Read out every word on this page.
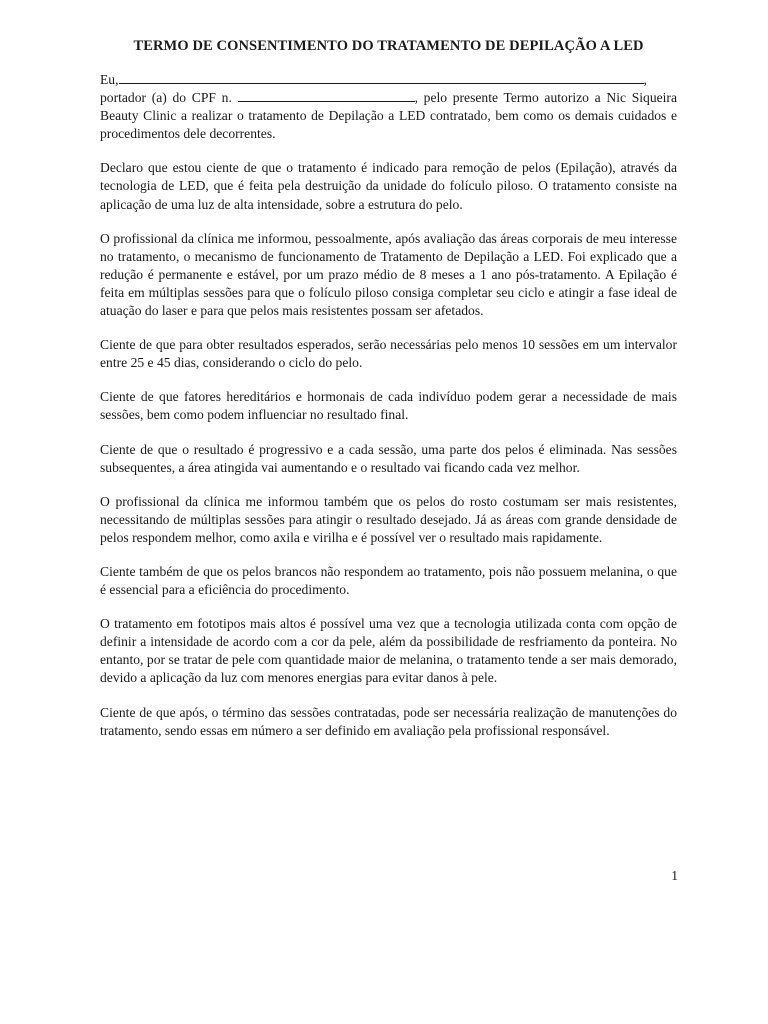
TERMO DE CONSENTIMENTO DO TRATAMENTO DE DEPILAÇÃO A LED

Eu,	, portador (a) do CPF n.	, pelo presente Termo autorizo a Nic Siqueira Beauty Clinic a realizar o tratamento de Depilação a LED contratado, bem como os demais cuidados e procedimentos dele decorrentes.

Declaro que estou ciente de que o tratamento é indicado para remoção de pelos (Epilação), através da tecnologia de LED, que é feita pela destruição da unidade do folículo piloso. O tratamento consiste na aplicação de uma luz de alta intensidade, sobre a estrutura do pelo.

O profissional da clínica me informou, pessoalmente, após avaliação das áreas corporais de meu interesse no tratamento, o mecanismo de funcionamento de Tratamento de Depilação a LED. Foi explicado que a redução é permanente e estável, por um prazo médio de 8 meses a 1 ano pós-tratamento. A Epilação é feita em múltiplas sessões para que o folículo piloso consiga completar seu ciclo e atingir a fase ideal de atuação do laser e para que pelos mais resistentes possam ser afetados.

Ciente de que para obter resultados esperados, serão necessárias pelo menos 10 sessões em um intervalor entre 25 e 45 dias, considerando o ciclo do pelo.

Ciente de que fatores hereditários e hormonais de cada indivíduo podem gerar a necessidade de mais sessões, bem como podem influenciar no resultado final.

Ciente de que o resultado é progressivo e a cada sessão, uma parte dos pelos é eliminada. Nas sessões subsequentes, a área atingida vai aumentando e o resultado vai ficando cada vez melhor.

O profissional da clínica me informou também que os pelos do rosto costumam ser mais resistentes, necessitando de múltiplas sessões para atingir o resultado desejado. Já as áreas com grande densidade de pelos respondem melhor, como axila e virilha e é possível ver o resultado mais rapidamente.

Ciente também de que os pelos brancos não respondem ao tratamento, pois não possuem melanina, o que é essencial para a eficiência do procedimento.

O tratamento em fototipos mais altos é possível uma vez que a tecnologia utilizada conta com opção de definir a intensidade de acordo com a cor da pele, além da possibilidade de resfriamento da ponteira. No entanto, por se tratar de pele com quantidade maior de melanina, o tratamento tende a ser mais demorado, devido a aplicação da luz com menores energias para evitar danos à pele.

Ciente de que após, o término das sessões contratadas, pode ser necessária realização de manutenções do tratamento, sendo essas em número a ser definido em avaliação pela profissional responsável.

1
